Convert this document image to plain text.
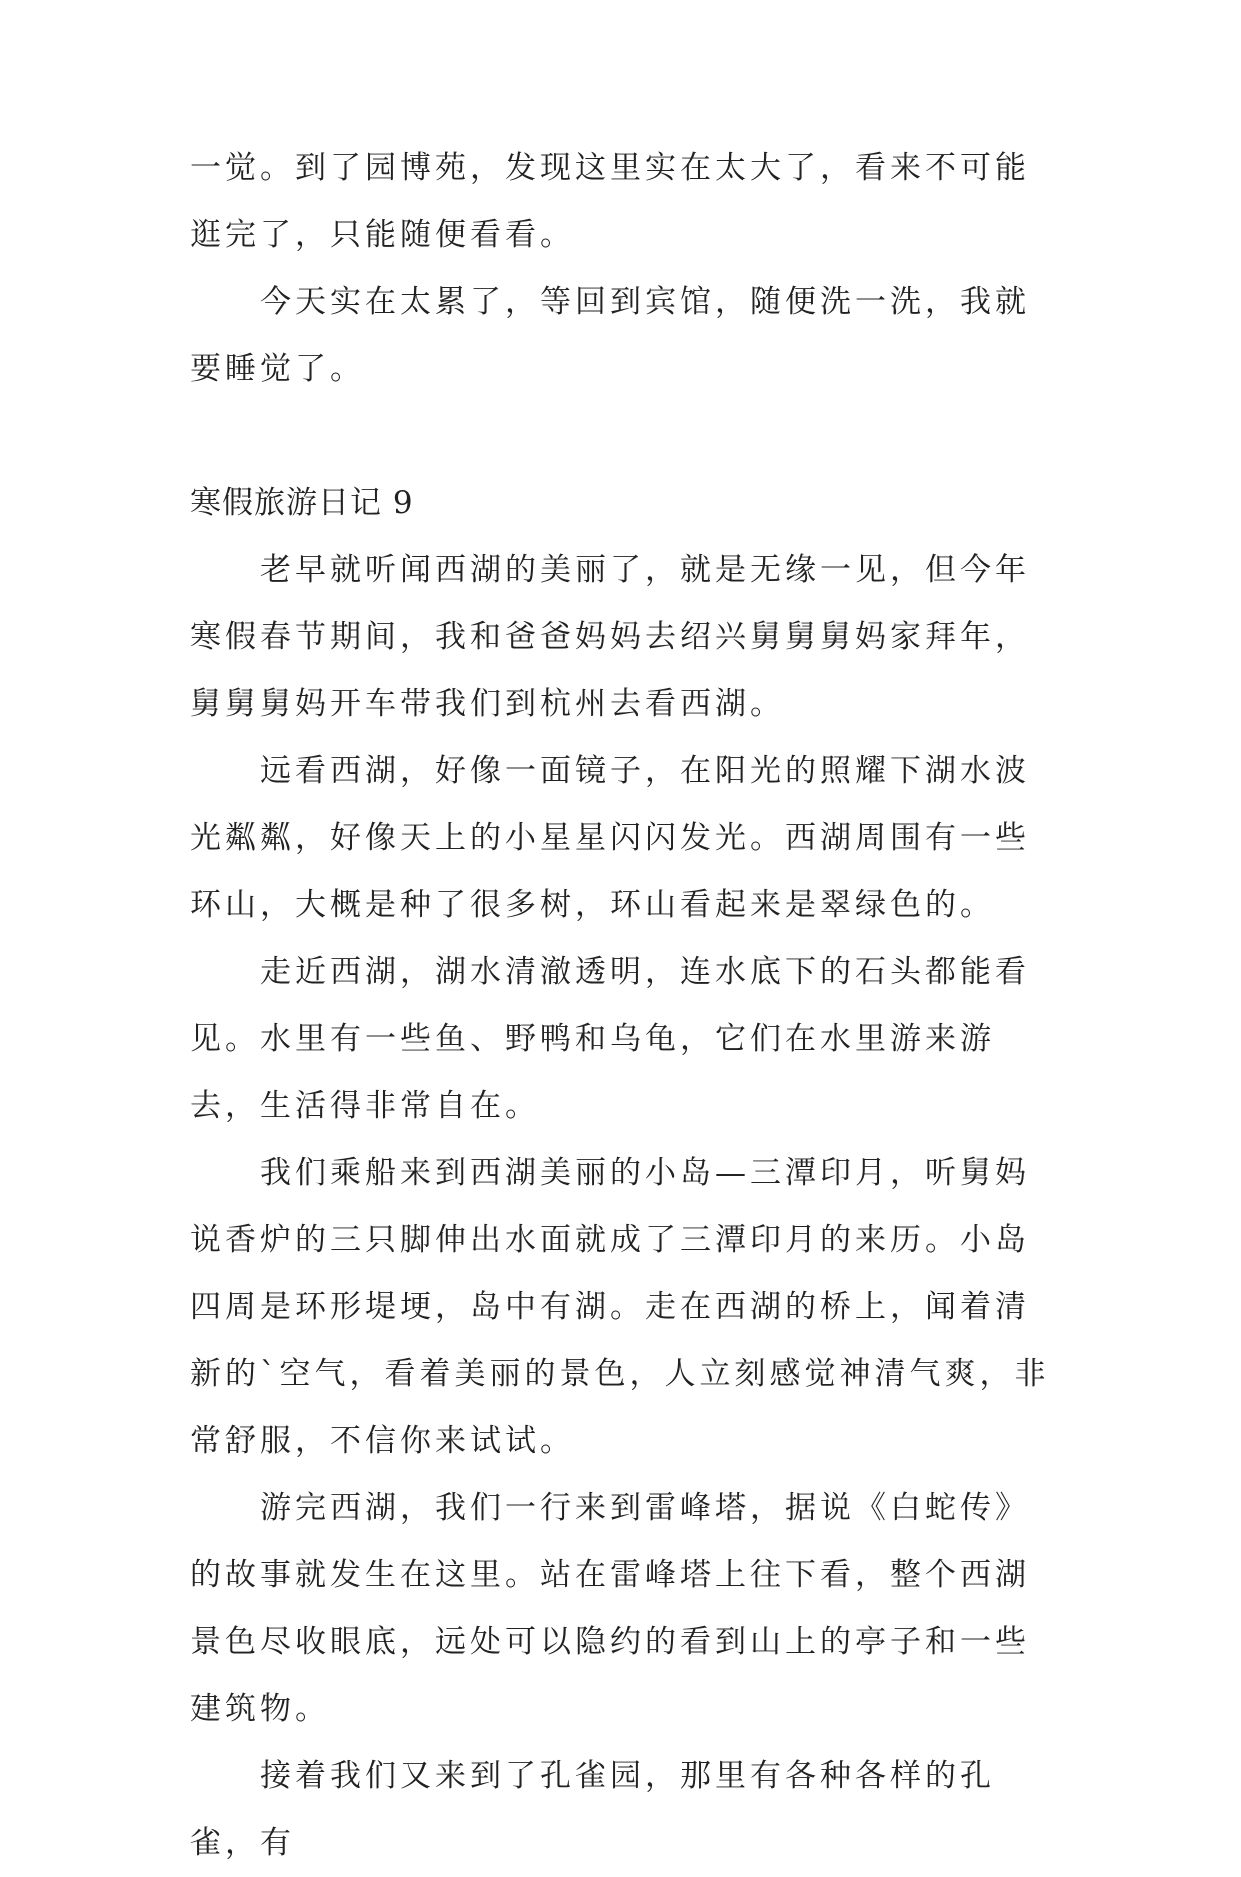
一觉。到了园博苑，发现这里实在太大了，看来不可能逛完了，只能随便看看。

今天实在太累了，等回到宾馆，随便洗一洗，我就要睡觉了。

寒假旅游日记 9

老早就听闻西湖的美丽了，就是无缘一见，但今年寒假春节期间，我和爸爸妈妈去绍兴舅舅舅妈家拜年，舅舅舅妈开车带我们到杭州去看西湖。

远看西湖，好像一面镜子，在阳光的照耀下湖水波光粼粼，好像天上的小星星闪闪发光。西湖周围有一些环山，大概是种了很多树，环山看起来是翠绿色的。

走近西湖，湖水清澈透明，连水底下的石头都能看见。水里有一些鱼、野鸭和乌龟，它们在水里游来游去，生活得非常自在。

我们乘船来到西湖美丽的小岛—三潭印月，听舅妈说香炉的三只脚伸出水面就成了三潭印月的来历。小岛四周是环形堤埂，岛中有湖。走在西湖的桥上，闻着清新的`空气，看着美丽的景色，人立刻感觉神清气爽，非常舒服，不信你来试试。

游完西湖，我们一行来到雷峰塔，据说《白蛇传》的故事就发生在这里。站在雷峰塔上往下看，整个西湖景色尽收眼底，远处可以隐约的看到山上的亭子和一些建筑物。

接着我们又来到了孔雀园，那里有各种各样的孔雀，有
